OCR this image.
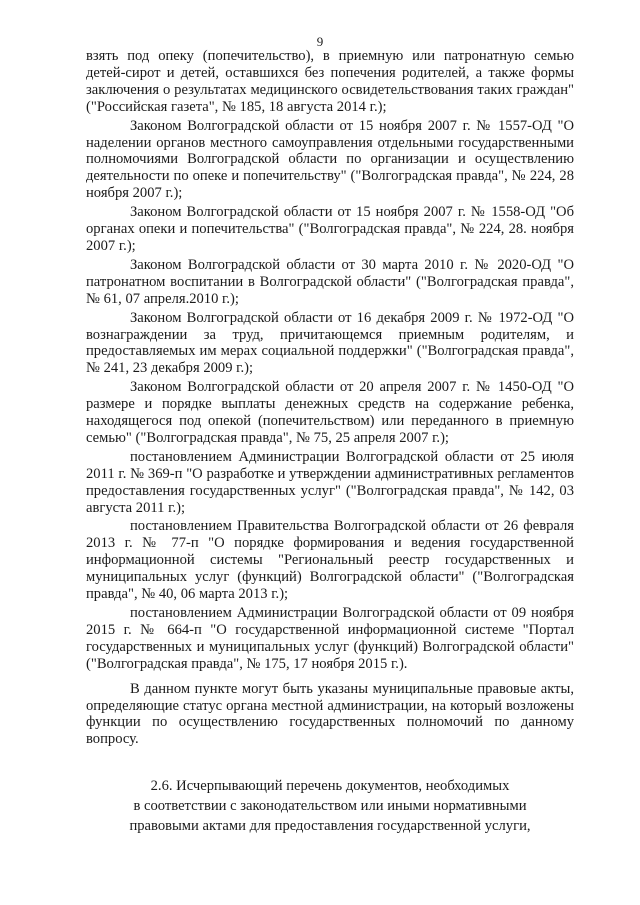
9

взять под опеку (попечительство), в приемную или патронатную семью детей-сирот и детей, оставшихся без попечения родителей, а также формы заключения о результатах медицинского освидетельствования таких граждан" ("Российская газета", № 185, 18 августа 2014 г.);

Законом Волгоградской области от 15 ноября 2007 г. № 1557-ОД "О наделении органов местного самоуправления отдельными государственными полномочиями Волгоградской области по организации и осуществлению деятельности по опеке и попечительству" ("Волгоградская правда", № 224, 28 ноября 2007 г.);

Законом Волгоградской области от 15 ноября 2007 г. № 1558-ОД "Об органах опеки и попечительства" ("Волгоградская правда", № 224, 28. ноября 2007 г.);

Законом Волгоградской области от 30 марта 2010 г. № 2020-ОД "О патронатном воспитании в Волгоградской области" ("Волгоградская правда", № 61, 07 апреля.2010 г.);

Законом Волгоградской области от 16 декабря 2009 г. № 1972-ОД "О вознаграждении за труд, причитающемся приемным родителям, и предоставляемых им мерах социальной поддержки" ("Волгоградская правда", № 241, 23 декабря 2009 г.);

Законом Волгоградской области от 20 апреля 2007 г. № 1450-ОД "О размере и порядке выплаты денежных средств на содержание ребенка, находящегося под опекой (попечительством) или переданного в приемную семью" ("Волгоградская правда", № 75, 25 апреля 2007 г.);

постановлением Администрации Волгоградской области от 25 июля 2011 г. № 369-п "О разработке и утверждении административных регламентов предоставления государственных услуг" ("Волгоградская правда", № 142, 03 августа 2011 г.);

постановлением Правительства Волгоградской области от 26 февраля 2013 г. № 77-п "О порядке формирования и ведения государственной информационной системы "Региональный реестр государственных и муниципальных услуг (функций) Волгоградской области" ("Волгоградская правда", № 40, 06 марта 2013 г.);

постановлением Администрации Волгоградской области от 09 ноября 2015 г. № 664-п "О государственной информационной системе "Портал государственных и муниципальных услуг (функций) Волгоградской области" ("Волгоградская правда", № 175, 17 ноября 2015 г.).

В данном пункте могут быть указаны муниципальные правовые акты, определяющие статус органа местной администрации, на который возложены функции по осуществлению государственных полномочий по данному вопросу.

2.6. Исчерпывающий перечень документов, необходимых
в соответствии с законодательством или иными нормативными
правовыми актами для предоставления государственной услуги,
